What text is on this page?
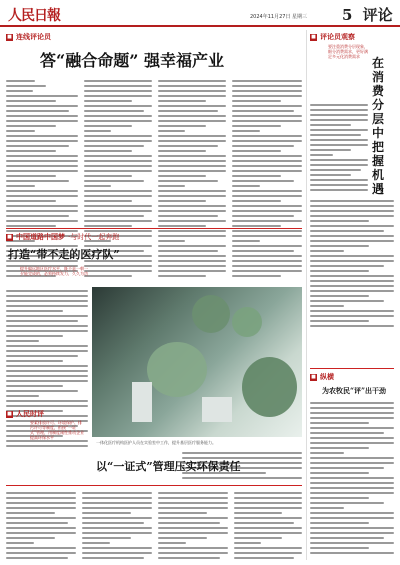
人民日報	2024年11月27日 星期三 5 评论
■ 连线评论员
答“融合命题” 强幸福产业
■ 中国道路中国梦 ·与时代一起奔跑
打造“带不走的医疗队”
提升偏远地区医疗水平，既不是一朝一夕能完成的，必须持续发力，久久为功
一体化医疗机构医护人员在实验室中工作，提升基层医疗服务能力。
■ 人民时评
要素排放许可、环境保护、排污许可等制度，衔接“一证式”管理，用制度刚性推动企业提高环保水平
以“一证式”管理压实环保责任
■ 评论员观察
要注重消费分层现象，细分消费需求，更好满足多元化消费需求	在消费分层中把握机遇
■ 纵横
为农牧民“评”出干劲
